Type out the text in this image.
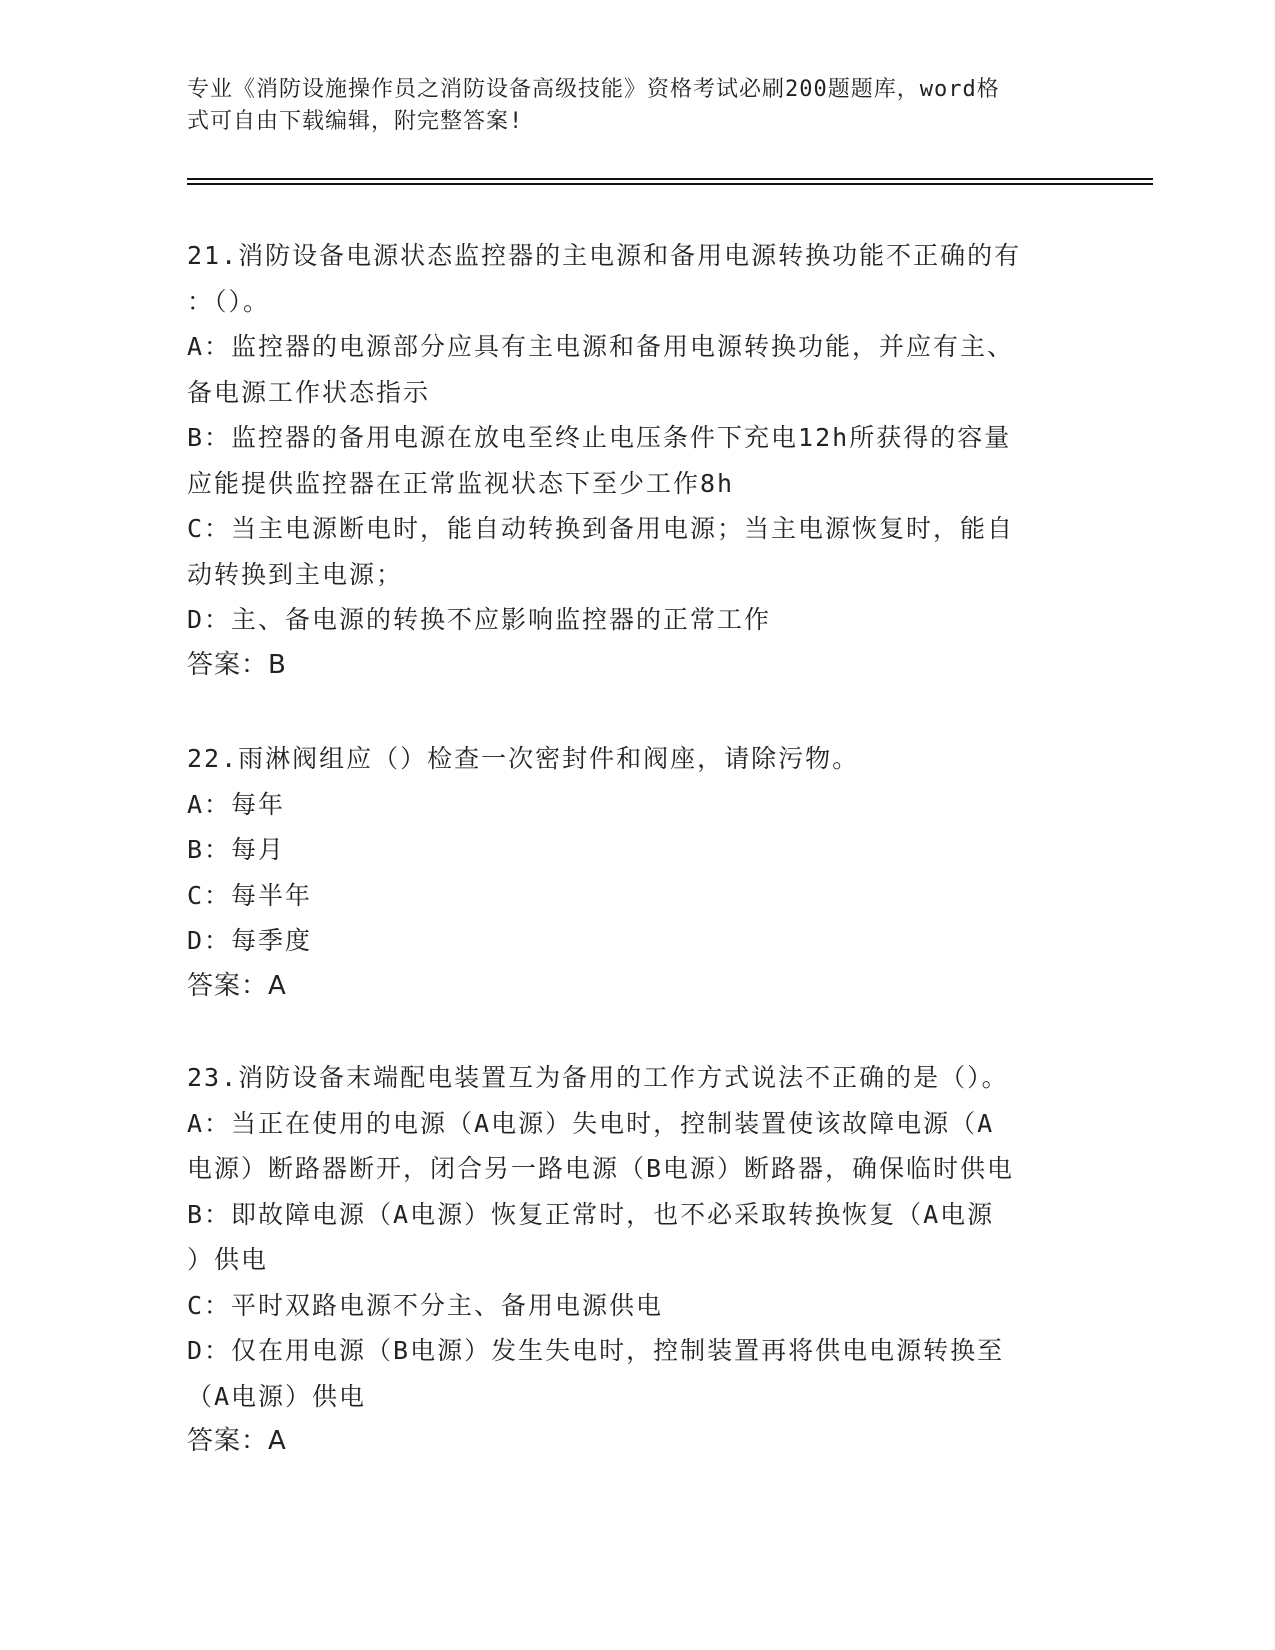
专业《消防设施操作员之消防设备高级技能》资格考试必刷200题题库，word格

式可自由下载编辑，附完整答案!

21.消防设备电源状态监控器的主电源和备用电源转换功能不正确的有
：（）。
A：监控器的电源部分应具有主电源和备用电源转换功能，并应有主、
备电源工作状态指示
B：监控器的备用电源在放电至终止电压条件下充电12h所获得的容量
应能提供监控器在正常监视状态下至少工作8h
C：当主电源断电时，能自动转换到备用电源；当主电源恢复时，能自
动转换到主电源；
D：主、备电源的转换不应影响监控器的正常工作
答案：B
22.雨淋阀组应（）检查一次密封件和阀座，请除污物。
A：每年
B：每月
C：每半年
D：每季度
答案：A
23.消防设备末端配电装置互为备用的工作方式说法不正确的是（）。
A：当正在使用的电源（A电源）失电时，控制装置使该故障电源（A
电源）断路器断开，闭合另一路电源（B电源）断路器，确保临时供电
B：即故障电源（A电源）恢复正常时，也不必采取转换恢复（A电源
）供电
C：平时双路电源不分主、备用电源供电
D：仅在用电源（B电源）发生失电时，控制装置再将供电电源转换至
（A电源）供电
答案：A
